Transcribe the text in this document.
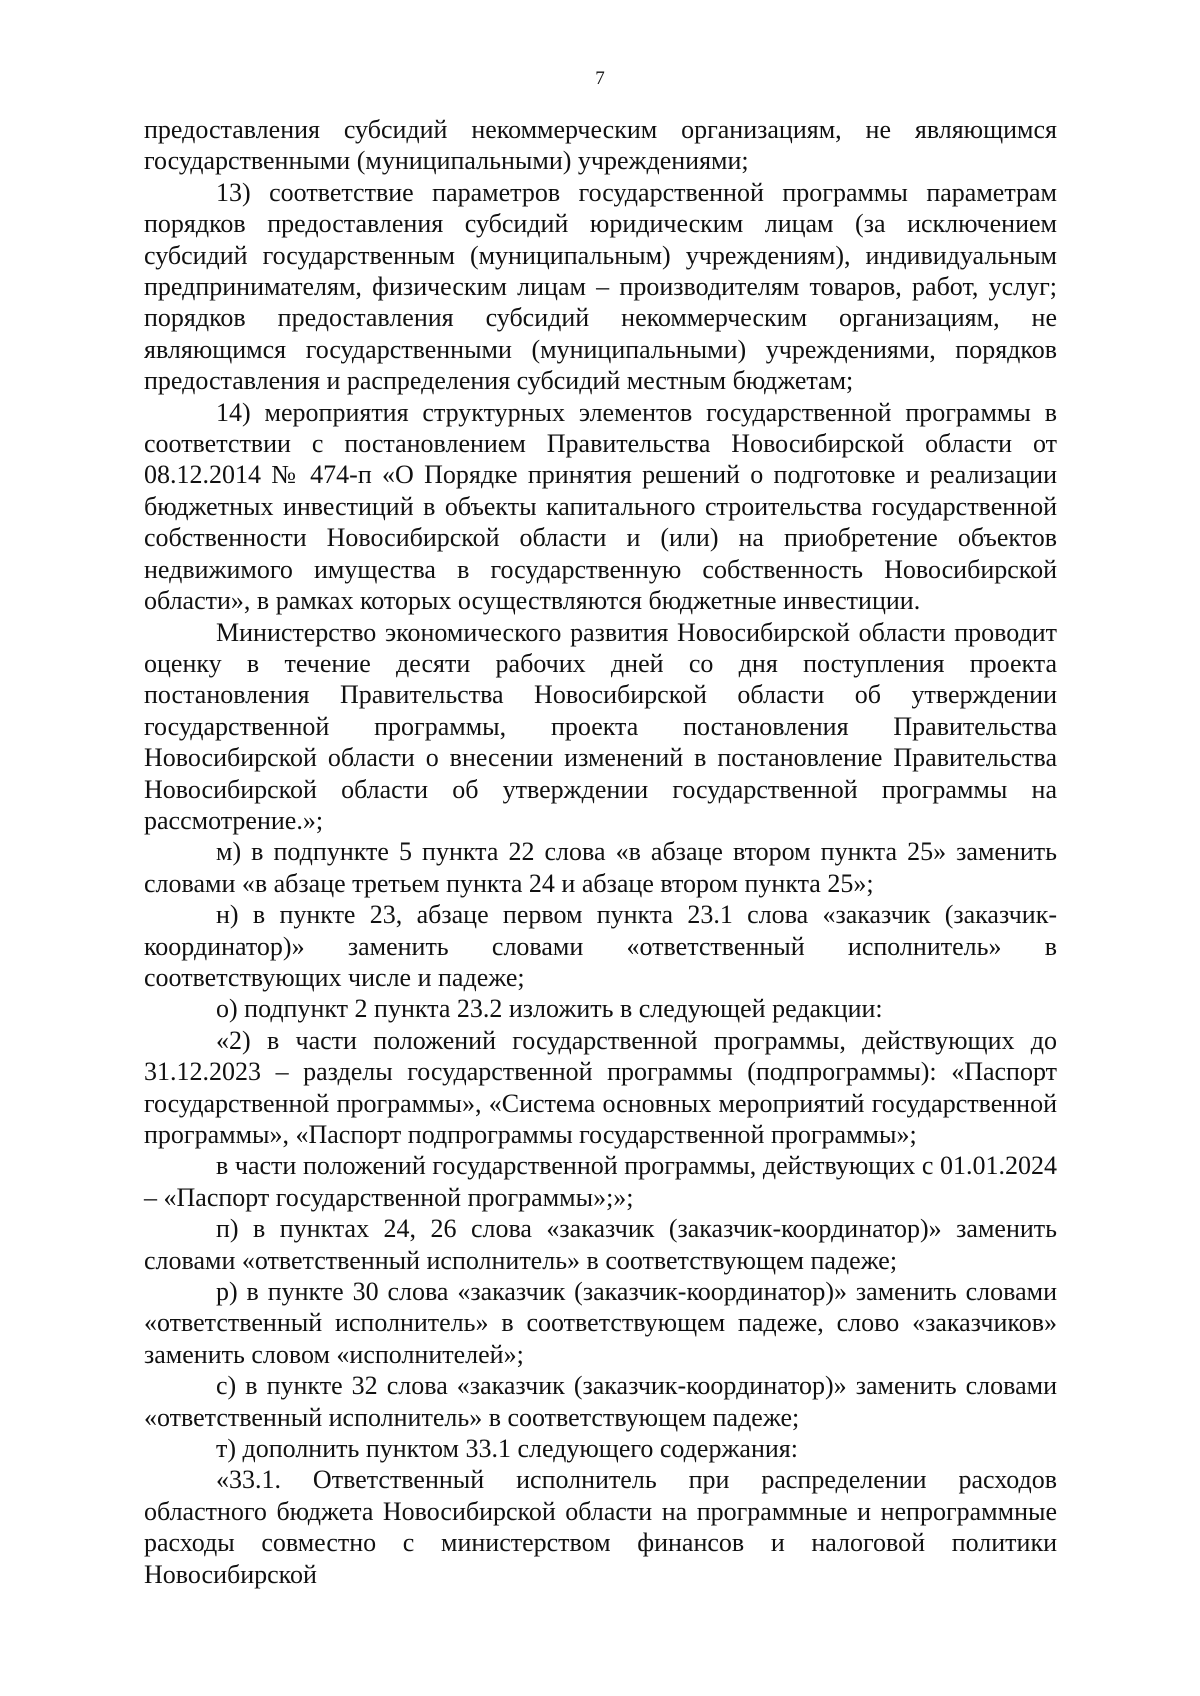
7

предоставления субсидий некоммерческим организациям, не являющимся государственными (муниципальными) учреждениями;

13) соответствие параметров государственной программы параметрам порядков предоставления субсидий юридическим лицам (за исключением субсидий государственным (муниципальным) учреждениям), индивидуальным предпринимателям, физическим лицам – производителям товаров, работ, услуг; порядков предоставления субсидий некоммерческим организациям, не являющимся государственными (муниципальными) учреждениями, порядков предоставления и распределения субсидий местным бюджетам;

14) мероприятия структурных элементов государственной программы в соответствии с постановлением Правительства Новосибирской области от 08.12.2014 № 474-п «О Порядке принятия решений о подготовке и реализации бюджетных инвестиций в объекты капитального строительства государственной собственности Новосибирской области и (или) на приобретение объектов недвижимого имущества в государственную собственность Новосибирской области», в рамках которых осуществляются бюджетные инвестиции.

Министерство экономического развития Новосибирской области проводит оценку в течение десяти рабочих дней со дня поступления проекта постановления Правительства Новосибирской области об утверждении государственной программы, проекта постановления Правительства Новосибирской области о внесении изменений в постановление Правительства Новосибирской области об утверждении государственной программы на рассмотрение.»;

м) в подпункте 5 пункта 22 слова «в абзаце втором пункта 25» заменить словами «в абзаце третьем пункта 24 и абзаце втором пункта 25»;

н) в пункте 23, абзаце первом пункта 23.1 слова «заказчик (заказчик-координатор)» заменить словами «ответственный исполнитель» в соответствующих числе и падеже;

о) подпункт 2 пункта 23.2 изложить в следующей редакции:

«2) в части положений государственной программы, действующих до 31.12.2023 – разделы государственной программы (подпрограммы): «Паспорт государственной программы», «Система основных мероприятий государственной программы», «Паспорт подпрограммы государственной программы»;

в части положений государственной программы, действующих с 01.01.2024 – «Паспорт государственной программы»;»;

п) в пунктах 24, 26 слова «заказчик (заказчик-координатор)» заменить словами «ответственный исполнитель» в соответствующем падеже;

р) в пункте 30 слова «заказчик (заказчик-координатор)» заменить словами «ответственный исполнитель» в соответствующем падеже, слово «заказчиков» заменить словом «исполнителей»;

с) в пункте 32 слова «заказчик (заказчик-координатор)» заменить словами «ответственный исполнитель» в соответствующем падеже;

т) дополнить пунктом 33.1 следующего содержания:

«33.1. Ответственный исполнитель при распределении расходов областного бюджета Новосибирской области на программные и непрограммные расходы совместно с министерством финансов и налоговой политики Новосибирской
